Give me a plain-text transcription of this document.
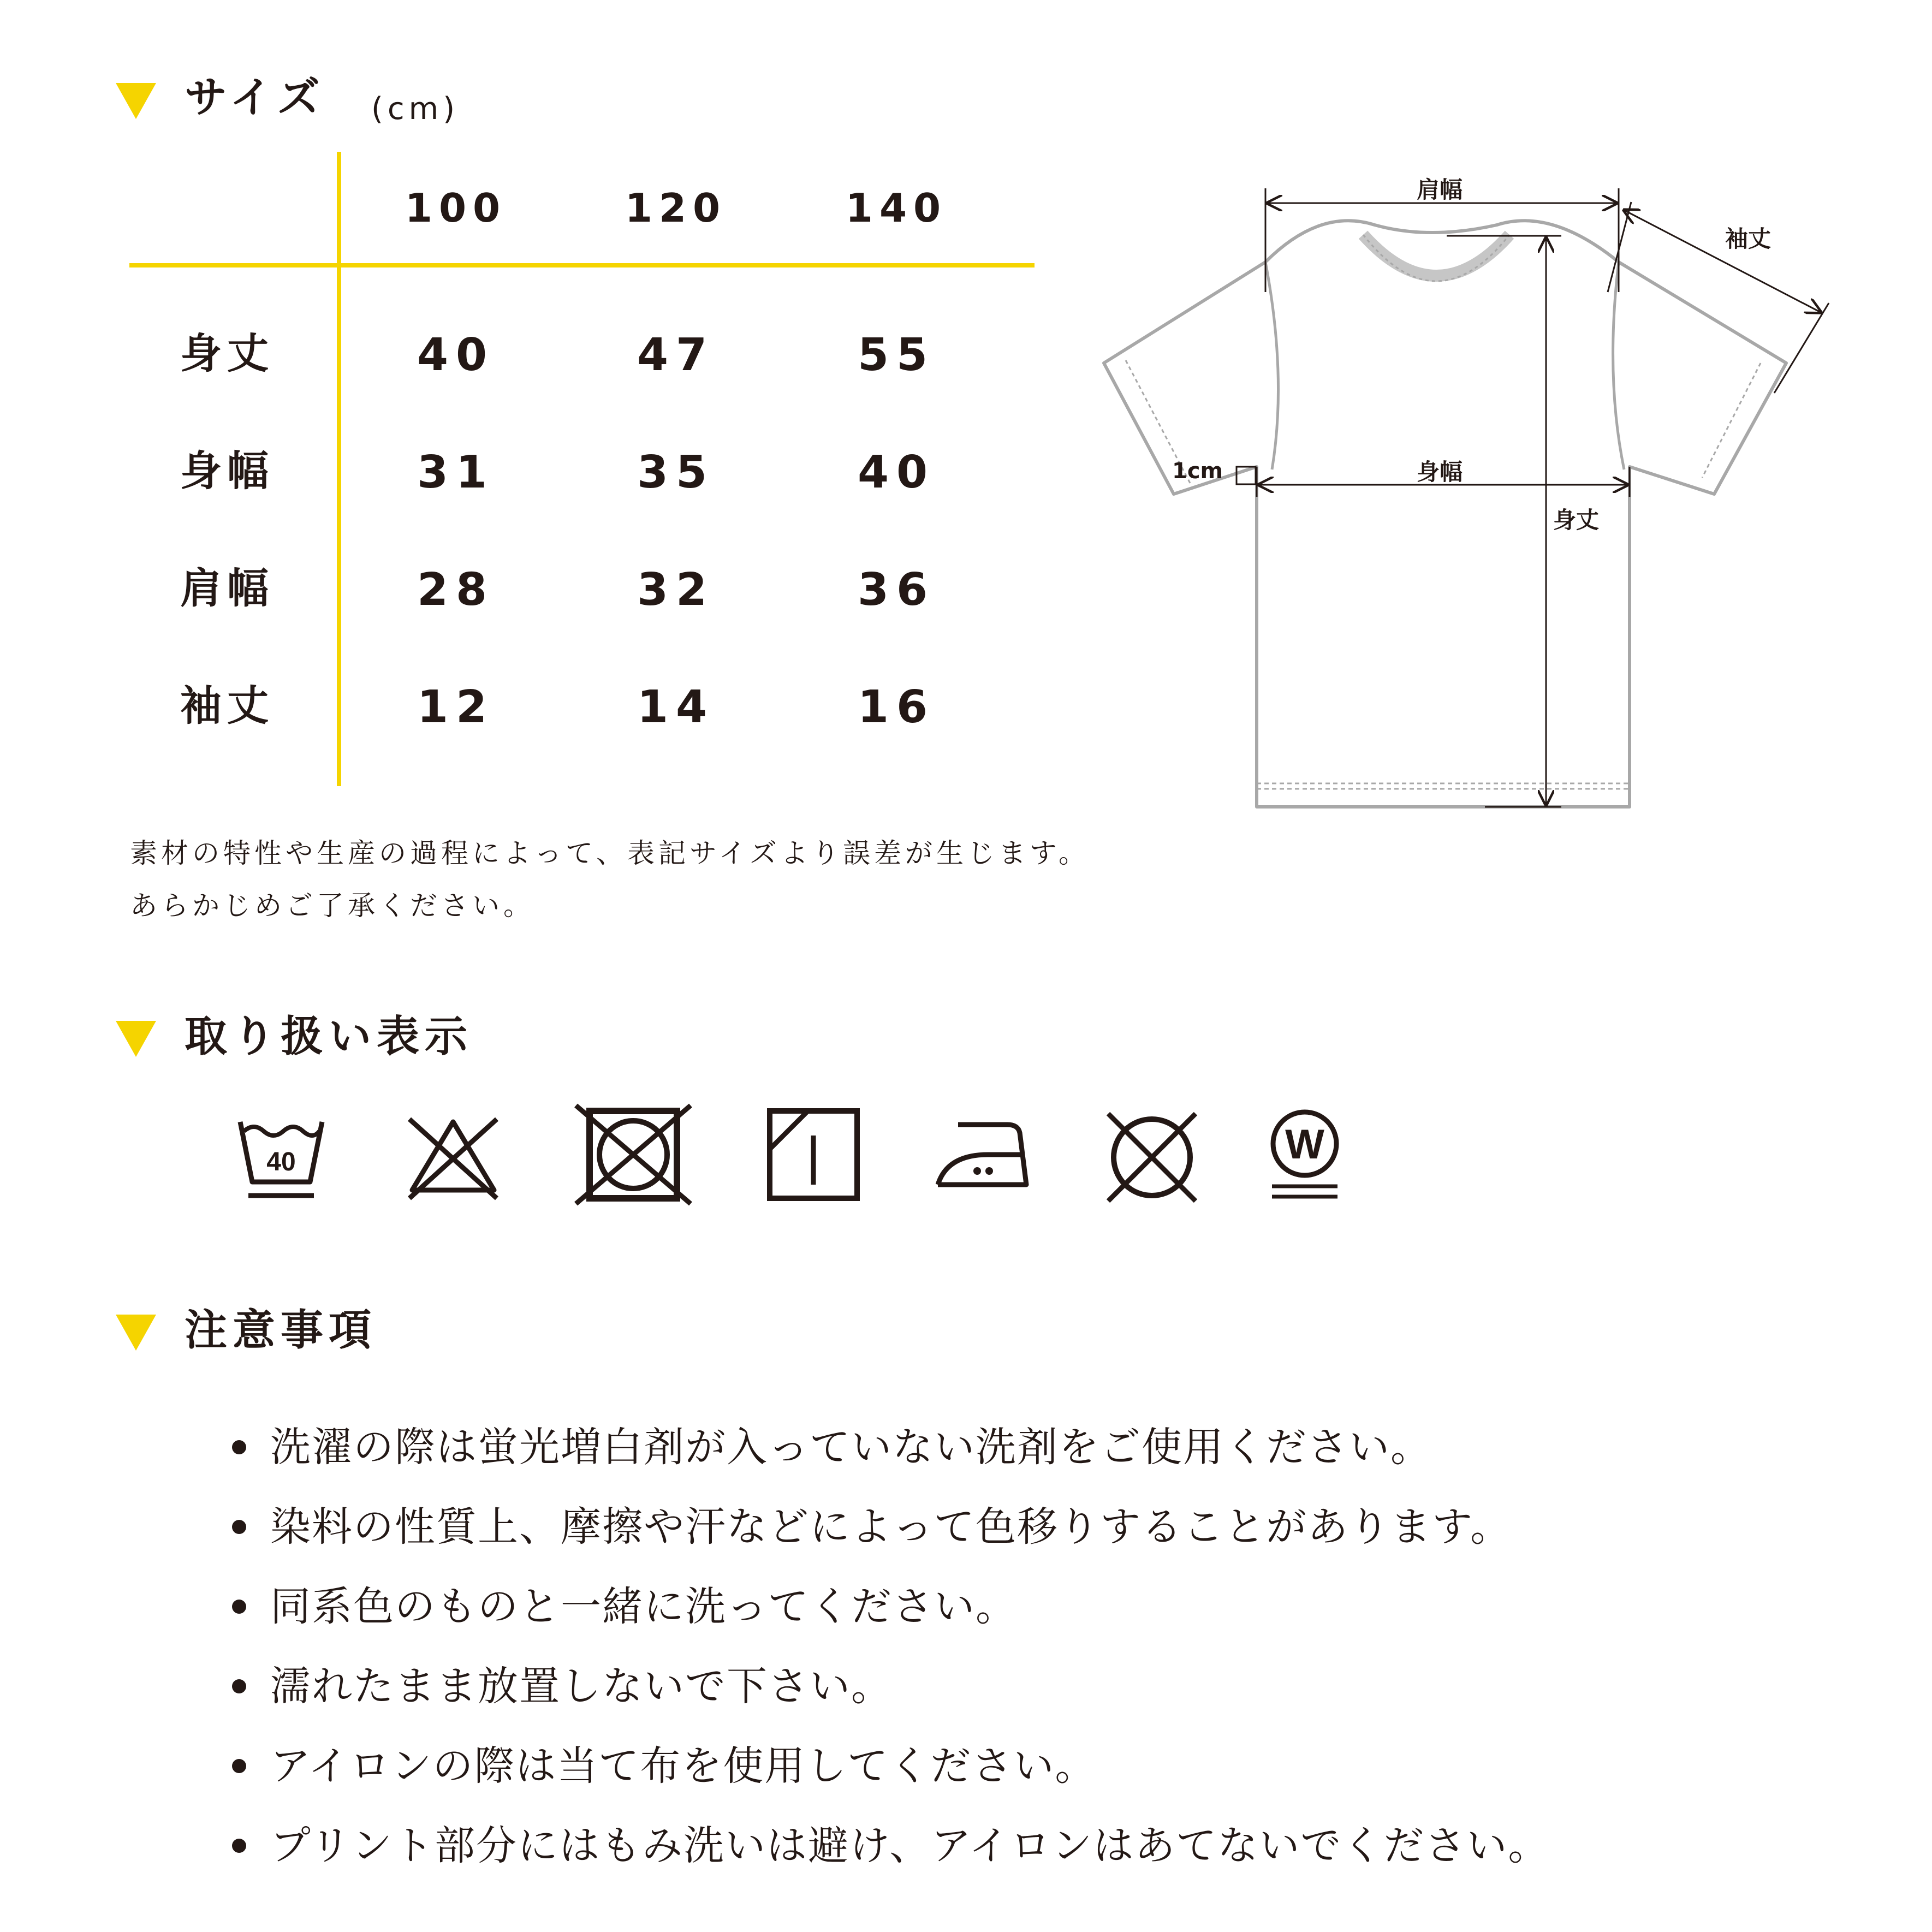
サイズ (cm)
100	120	140
身丈	40	47	55
身幅	31	35	40
肩幅	28	32	36
袖丈	12	14	16
肩幅
袖丈
身幅
身丈
1cm
素材の特性や生産の過程によって、表記サイズより誤差が生じます。
あらかじめご了承ください。
取り扱い表示
40	W
注意事項
洗濯の際は蛍光増白剤が入っていない洗剤をご使用ください。
染料の性質上、摩擦や汗などによって色移りすることがあります。
同系色のものと一緒に洗ってください。
濡れたまま放置しないで下さい。
アイロンの際は当て布を使用してください。
プリント部分にはもみ洗いは避け、アイロンはあてないでください。
